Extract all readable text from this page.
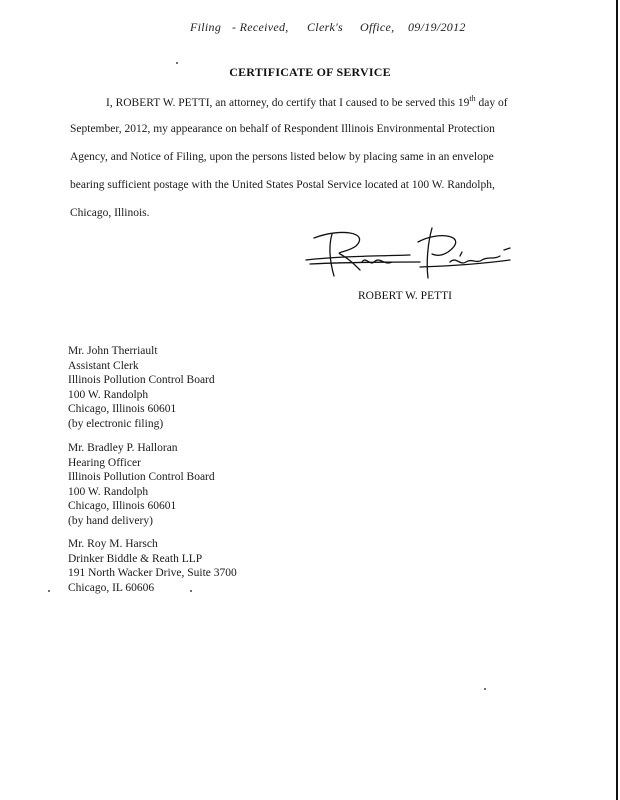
Filing - Received, Clerk's Office, 09/19/2012
CERTIFICATE OF SERVICE
I, ROBERT W. PETTI, an attorney, do certify that I caused to be served this 19th day of
September, 2012, my appearance on behalf of Respondent Illinois Environmental Protection
Agency, and Notice of Filing, upon the persons listed below by placing same in an envelope
bearing sufficient postage with the United States Postal Service located at 100 W. Randolph,
Chicago, Illinois.
Robert Petti
ROBERT W. PETTI
Mr. John Therriault
Assistant Clerk
Illinois Pollution Control Board
100 W. Randolph
Chicago, Illinois 60601
(by electronic filing)
Mr. Bradley P. Halloran
Hearing Officer
Illinois Pollution Control Board
100 W. Randolph
Chicago, Illinois 60601
(by hand delivery)
Mr. Roy M. Harsch
Drinker Biddle & Reath LLP
191 North Wacker Drive, Suite 3700
Chicago, IL 60606
